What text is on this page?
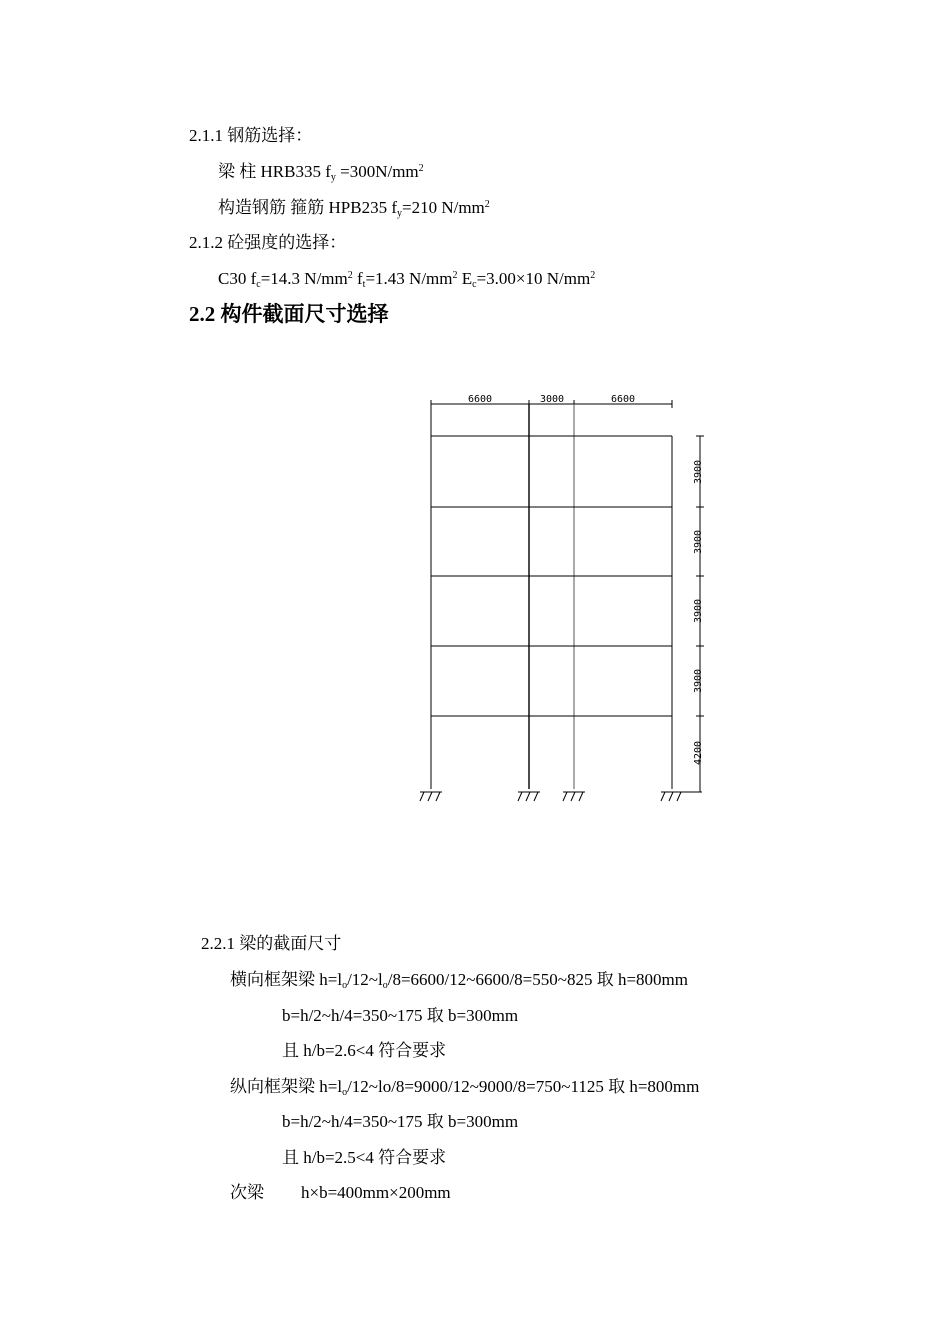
2.1.1 钢筋选择：
梁 柱 HRB335 $f_y =300N/mm^2$
构造钢筋 箍筋 HPB235 $f_y=210$ $N/mm^2$
2.1.2 砼强度的选择：
C30 $f_c=14.3$ $N/mm^2$ $f_t=1.43$ $N/mm^2$ $E_c=3.00\times 10$ $N/mm^2$
2.2 构件截面尺寸选择
6600	3000	6600
3900
3900
3900
3900
4200
2.2.1 梁的截面尺寸
横向框架梁 $h=l_o/12\sim l_o/8=6600/12\sim 6600/8=550\sim 825$ 取 h=800mm
b=h/2~h/4=350~175 取 b=300mm
且 h/b=2.6<4 符合要求
纵向框架梁 $h=l_o/12\sim lo/8=9000/12\sim 9000/8=750\sim 1125$ 取 h=800mm
b=h/2~h/4=350~175 取 b=300mm
且 h/b=2.5<4 符合要求
次梁 h×b=400mm×200mm
